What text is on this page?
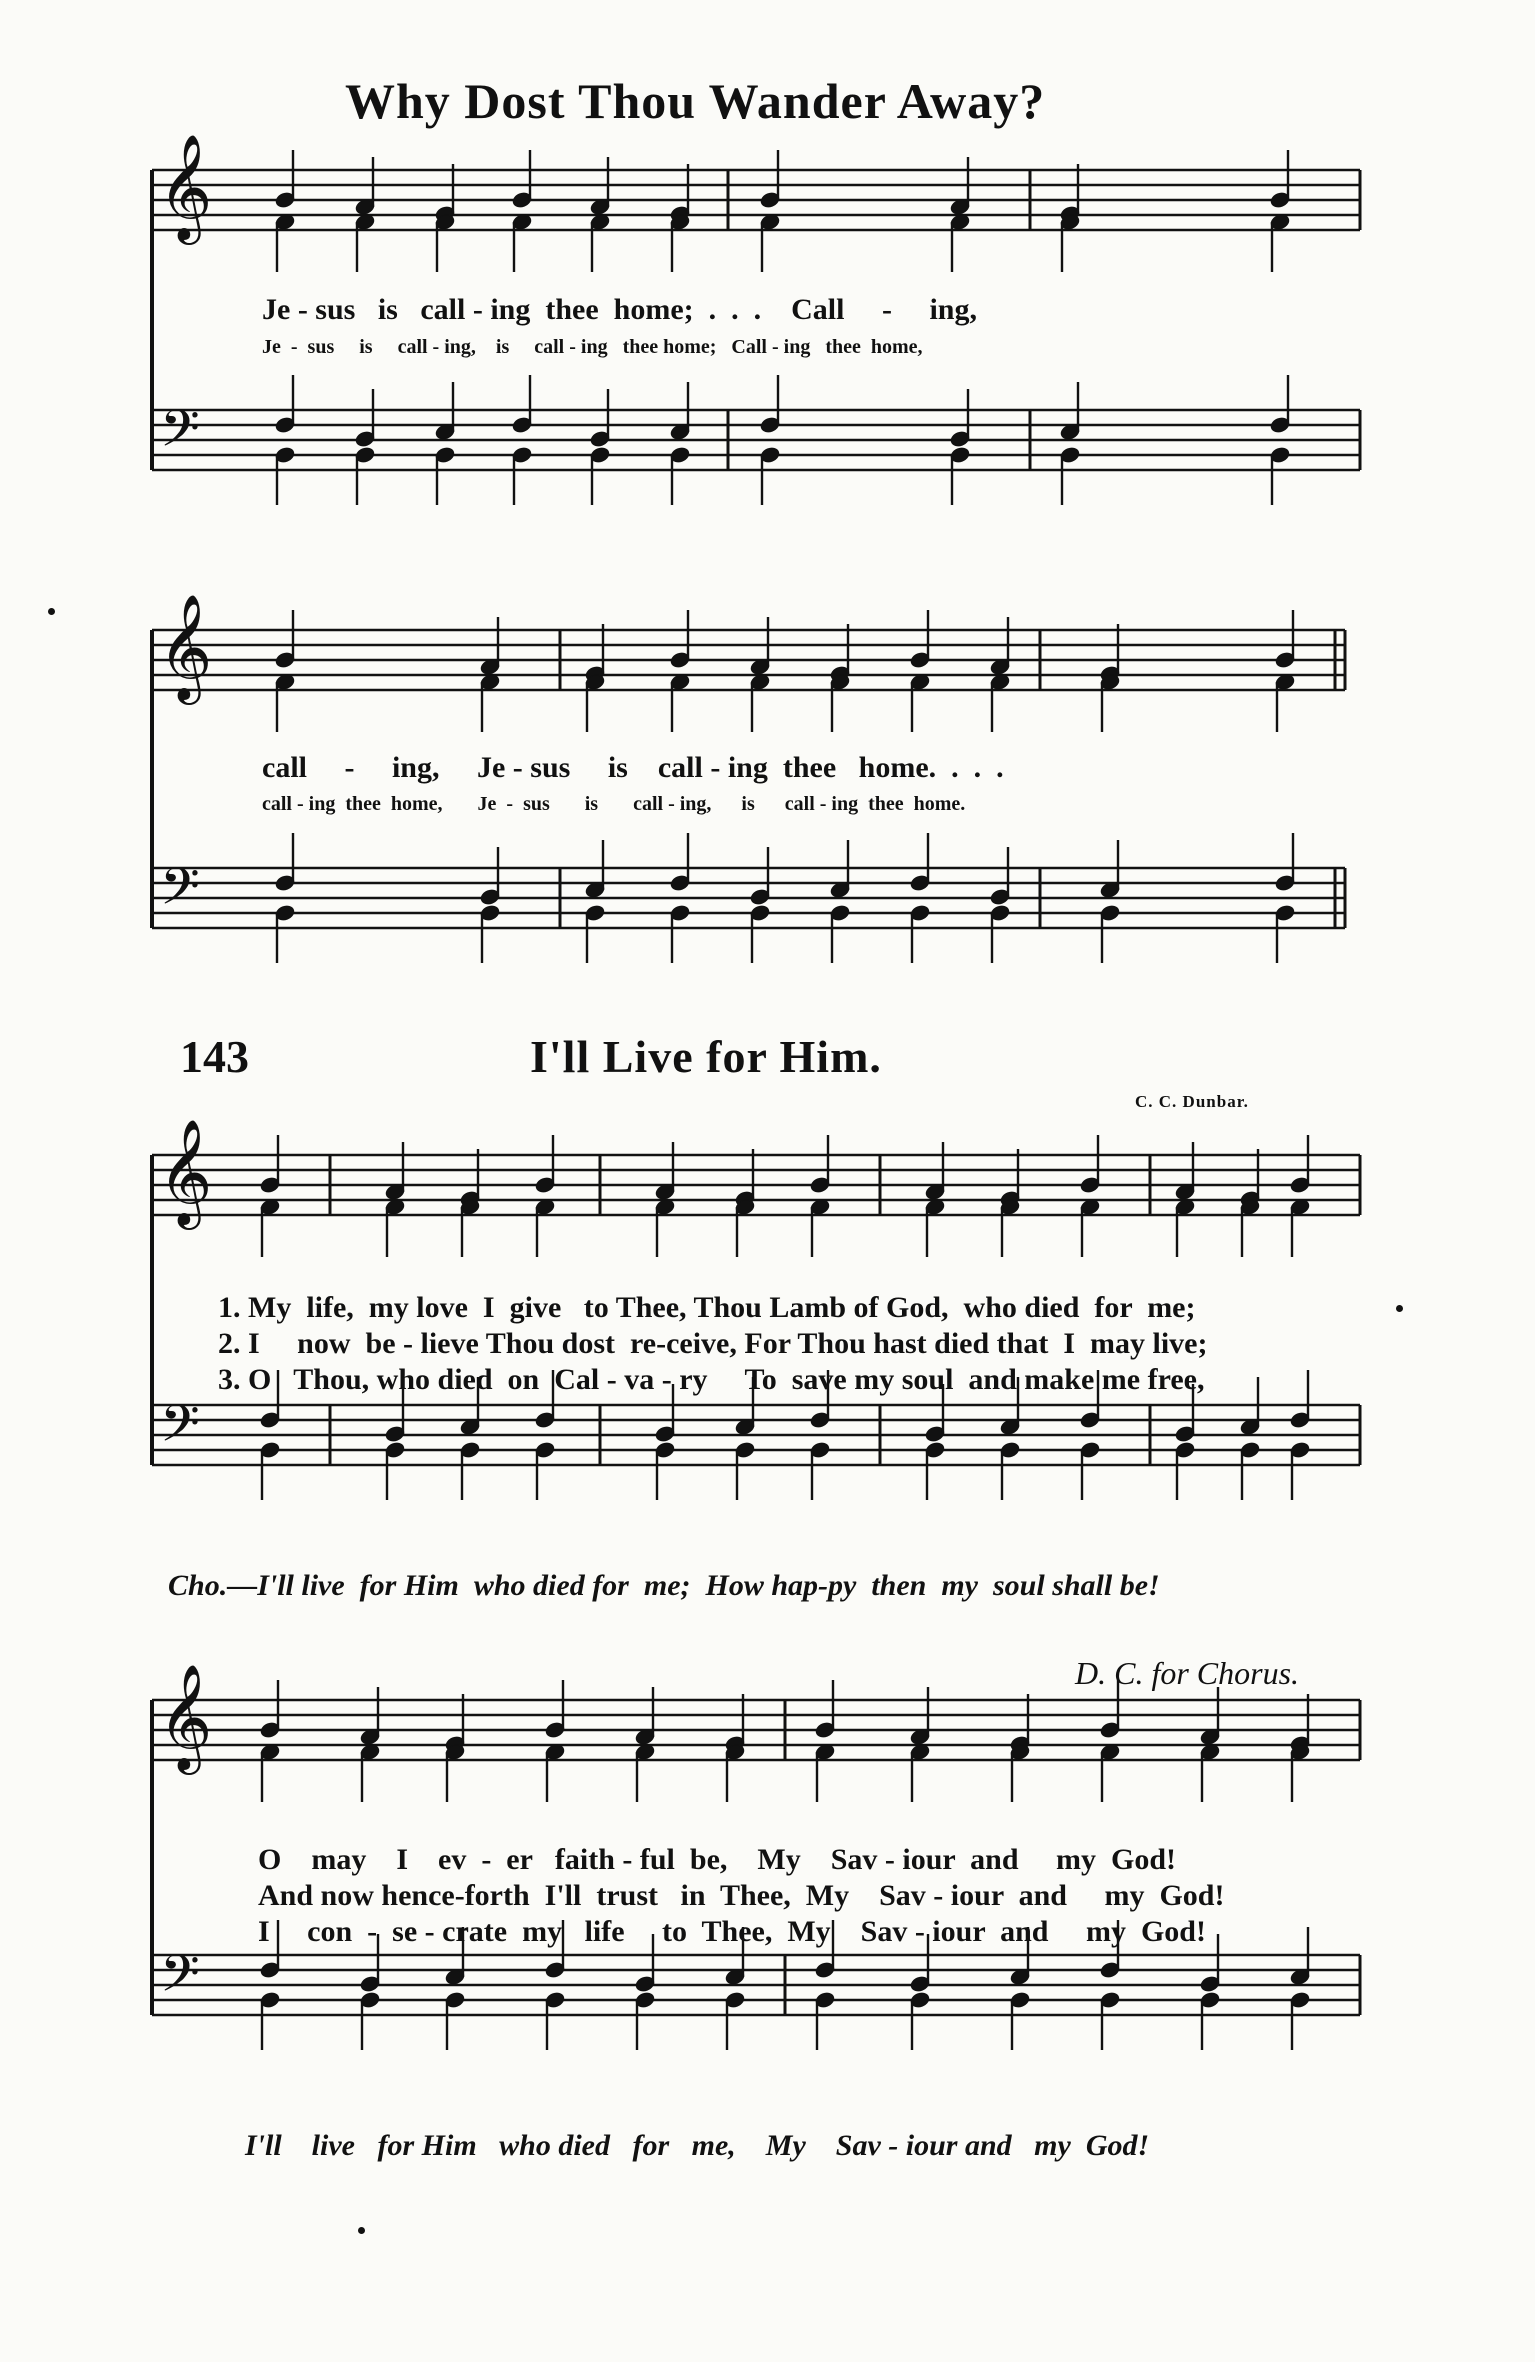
Why Dost Thou Wander Away?
𝄞
𝄢
𝄞
𝄢
𝄞
𝄢
𝄞
𝄢
Je - sus   is   call - ing  thee  home;  .  .  .    Call     -     ing,
Je  -  sus     is     call - ing,    is     call - ing   thee home;   Call - ing   thee  home,
call     -     ing,     Je - sus     is    call - ing  thee   home.  .  .  .
call - ing  thee  home,       Je  -  sus       is       call - ing,      is      call - ing  thee  home.
143	I'll Live for Him.
C. C. Dunbar.
1. My  life,  my love  I  give   to Thee, Thou Lamb of God,  who died  for  me;
2. I     now  be - lieve Thou dost  re-ceive, For Thou hast died that  I  may live;
3. O   Thou, who died  on  Cal - va - ry     To  save my soul  and make me free,
Cho.—I'll live  for Him  who died for  me;  How hap-py  then  my  soul shall be!
D. C. for Chorus.
O    may    I    ev  -  er   faith - ful  be,    My    Sav - iour  and     my  God!
And now hence-forth  I'll  trust   in  Thee,  My    Sav - iour  and     my  God!
I     con  -  se - crate  my   life     to  Thee,  My    Sav - iour  and     my  God!
I'll    live   for Him   who died   for   me,    My    Sav - iour and   my  God!
